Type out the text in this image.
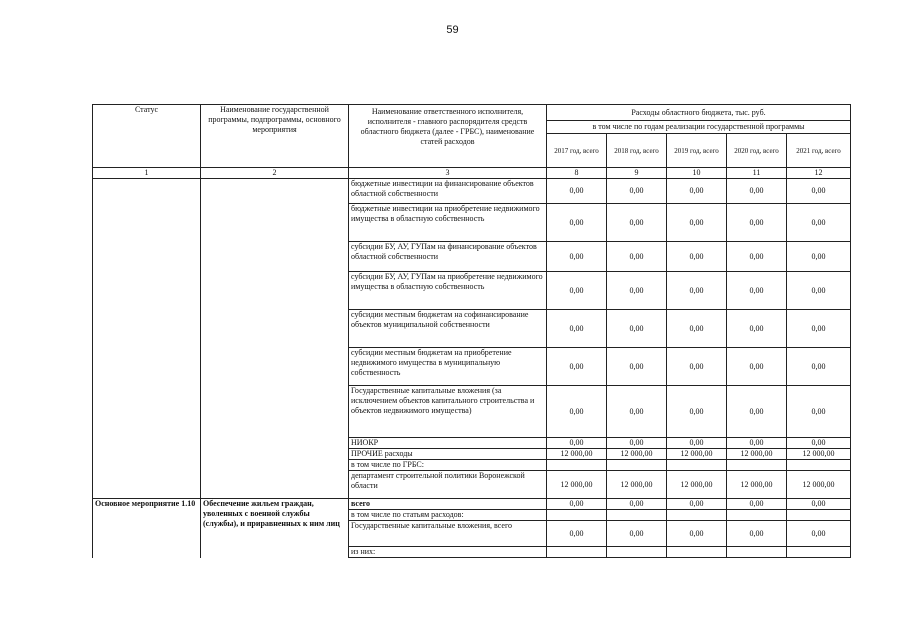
59
Статус	Наименование государственной программы, подпрограммы, основного мероприятия	Наименование ответственного исполнителя, исполнителя - главного распорядителя средств областного бюджета (далее - ГРБС), наименование статей расходов	Расходы областного бюджета, тыс. руб.				
			в том числе по годам реализации государственной программы				
			2017 год, всего	2018 год, всего	2019 год, всего	2020 год, всего	2021 год, всего
1	2	3	8	9	10	11	12
		бюджетные инвестиции на финансирование объектов областной собственности	0,00	0,00	0,00	0,00	0,00
		бюджетные инвестиции на приобретение недвижимого имущества в областную собственность	0,00	0,00	0,00	0,00	0,00
		субсидии БУ, АУ, ГУПам на финансирование объектов областной собственности	0,00	0,00	0,00	0,00	0,00
		субсидии БУ, АУ, ГУПам на приобретение недвижимого имущества в областную собственность	0,00	0,00	0,00	0,00	0,00
		субсидии местным бюджетам на софинансирование объектов муниципальной собственности	0,00	0,00	0,00	0,00	0,00
		субсидии местным бюджетам на приобретение недвижимого имущества в муниципальную собственность	0,00	0,00	0,00	0,00	0,00
		Государственные капитальные вложения (за исключением объектов капитального строительства и объектов недвижимого имущества)	0,00	0,00	0,00	0,00	0,00
		НИОКР	0,00	0,00	0,00	0,00	0,00
		ПРОЧИЕ расходы	12 000,00	12 000,00	12 000,00	12 000,00	12 000,00
		в том числе по ГРБС:					
		департамент строительной политики Воронежской области	12 000,00	12 000,00	12 000,00	12 000,00	12 000,00
Основное мероприятие 1.10	Обеспечение жильем граждан, уволенных с военной службы (службы), и приравненных к ним лиц	всего	0,00	0,00	0,00	0,00	0,00
		в том числе по статьям расходов:					
		Государственные капитальные вложения, всего	0,00	0,00	0,00	0,00	0,00
		из них:					
